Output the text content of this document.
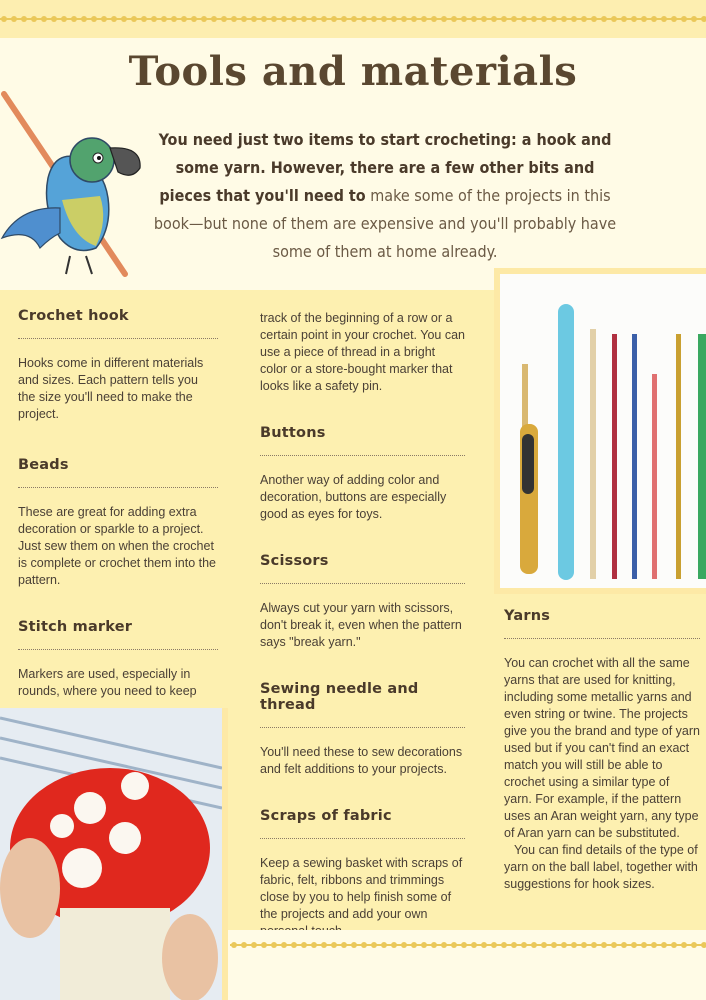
Tools and materials
You need just two items to start crocheting: a hook and some yarn. However, there are a few other bits and pieces that you'll need to make some of the projects in this book—but none of them are expensive and you'll probably have some of them at home already.
Crochet hook

Hooks come in different materials and sizes. Each pattern tells you the size you'll need to make the project.

Beads

These are great for adding extra decoration or sparkle to a project. Just sew them on when the crochet is complete or crochet them into the pattern.

Stitch marker

Markers are used, especially in rounds, where you need to keep

track of the beginning of a row or a certain point in your crochet. You can use a piece of thread in a bright color or a store-bought marker that looks like a safety pin.

Buttons

Another way of adding color and decoration, buttons are especially good as eyes for toys.

Scissors

Always cut your yarn with scissors, don't break it, even when the pattern says "break yarn."

Sewing needle and thread

You'll need these to sew decorations and felt additions to your projects.

Scraps of fabric

Keep a sewing basket with scraps of fabric, felt, ribbons and trimmings close by you to help finish some of the projects and add your own

Yarns

You can crochet with all the same yarns that are used for knitting, including some metallic yarns and even string or twine. The projects give you the brand and type of yarn used but if you can't find an exact match you will still be able to crochet using a similar type of yarn. For example, if the pattern uses an Aran weight yarn, any type of Aran yarn can be substituted.

You can find details of the type of yarn on the ball label, together with suggestions for hook sizes.
